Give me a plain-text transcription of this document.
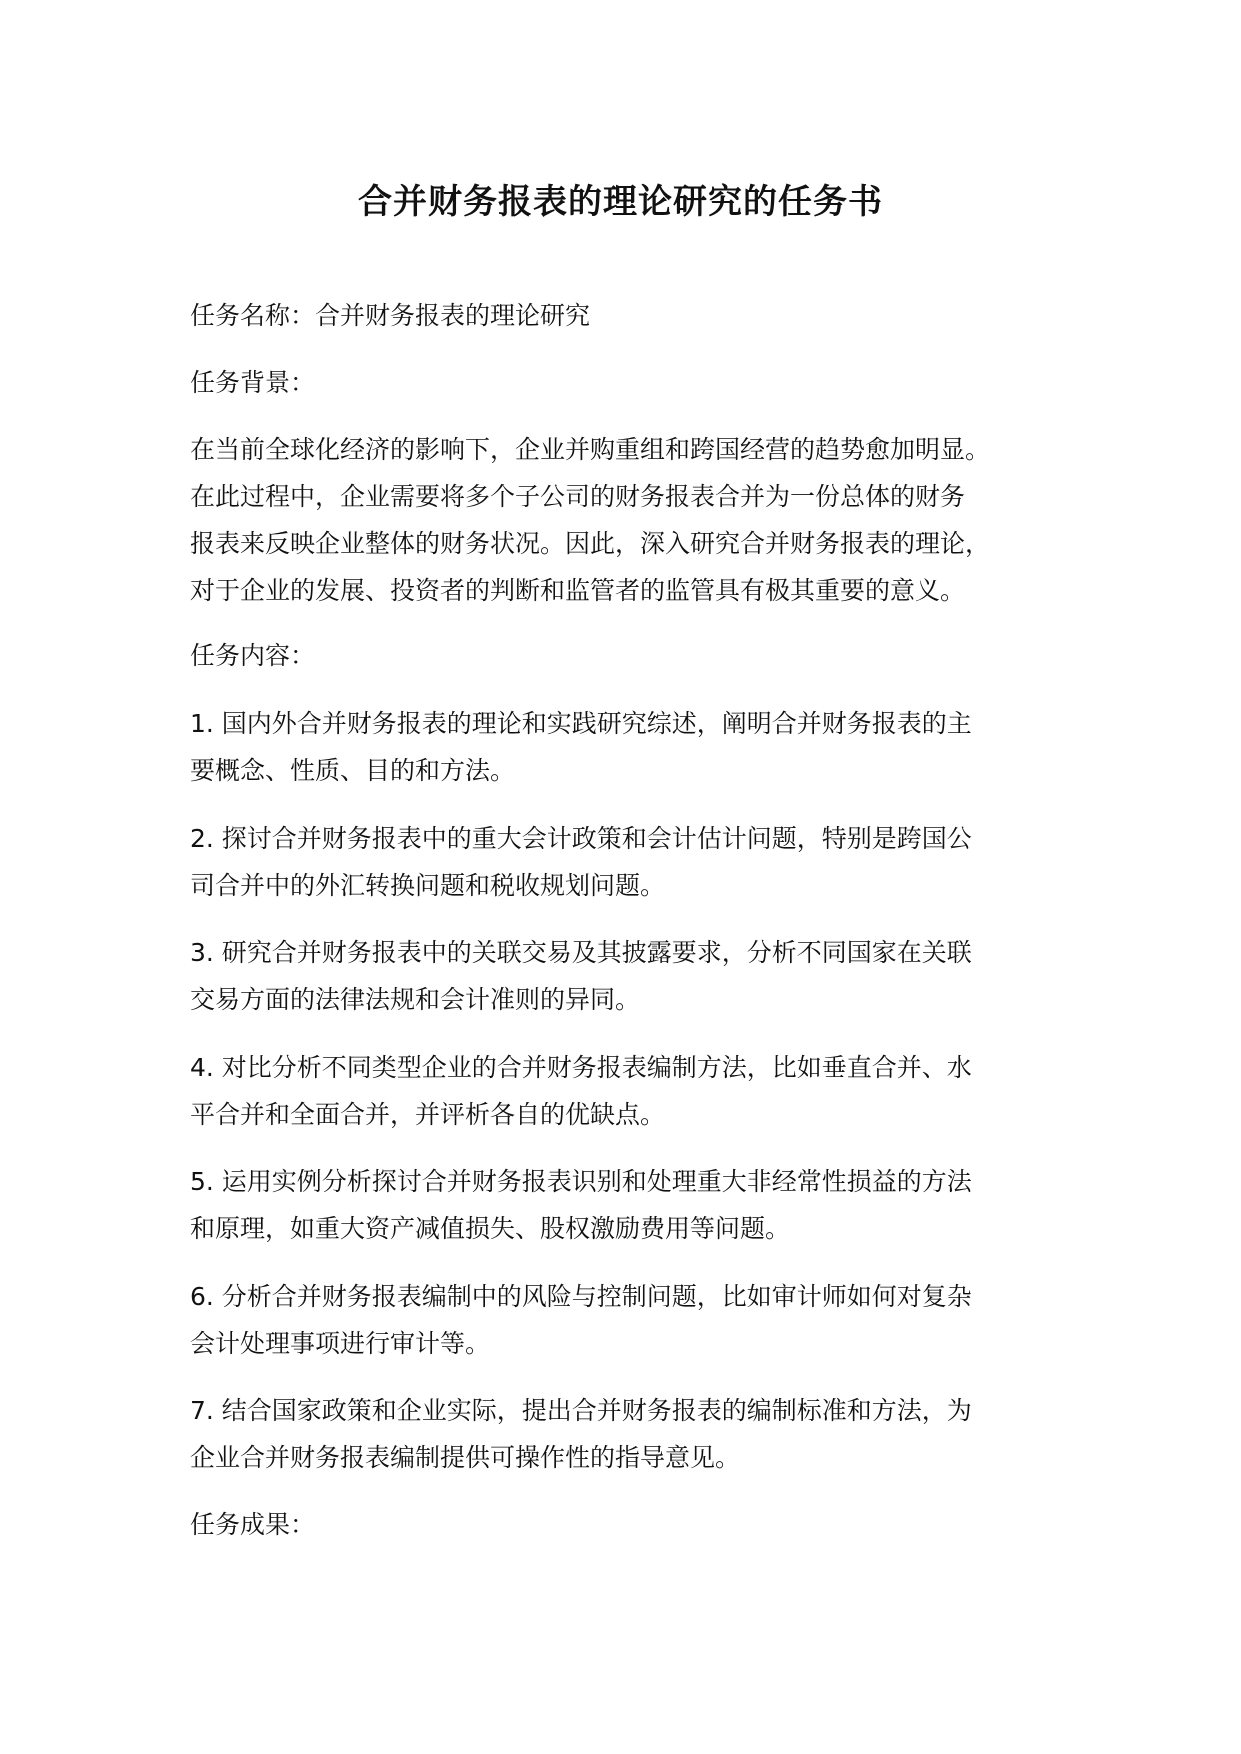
合并财务报表的理论研究的任务书

任务名称：合并财务报表的理论研究

任务背景：

在当前全球化经济的影响下，企业并购重组和跨国经营的趋势愈加明显。
在此过程中，企业需要将多个子公司的财务报表合并为一份总体的财务
报表来反映企业整体的财务状况。因此，深入研究合并财务报表的理论，
对于企业的发展、投资者的判断和监管者的监管具有极其重要的意义。

任务内容：

1. 国内外合并财务报表的理论和实践研究综述，阐明合并财务报表的主
要概念、性质、目的和方法。

2. 探讨合并财务报表中的重大会计政策和会计估计问题，特别是跨国公
司合并中的外汇转换问题和税收规划问题。

3. 研究合并财务报表中的关联交易及其披露要求，分析不同国家在关联
交易方面的法律法规和会计准则的异同。

4. 对比分析不同类型企业的合并财务报表编制方法，比如垂直合并、水
平合并和全面合并，并评析各自的优缺点。

5. 运用实例分析探讨合并财务报表识别和处理重大非经常性损益的方法
和原理，如重大资产减值损失、股权激励费用等问题。

6. 分析合并财务报表编制中的风险与控制问题，比如审计师如何对复杂
会计处理事项进行审计等。

7. 结合国家政策和企业实际，提出合并财务报表的编制标准和方法，为
企业合并财务报表编制提供可操作性的指导意见。

任务成果：
